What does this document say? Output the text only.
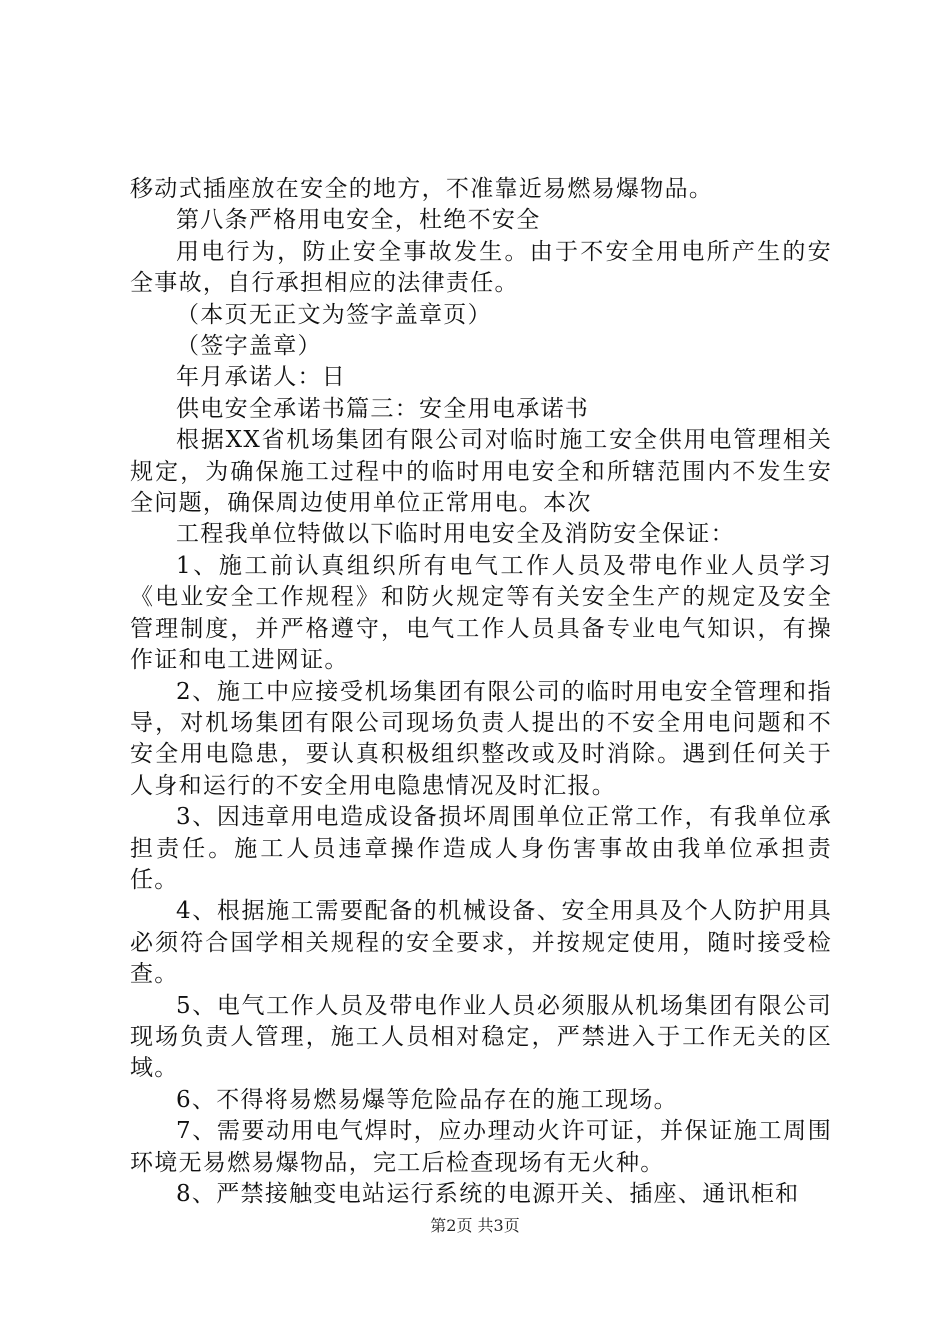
移动式插座放在安全的地方，不准靠近易燃易爆物品。

第八条严格用电安全，杜绝不安全

用电行为，防止安全事故发生。由于不安全用电所产生的安全事故，自行承担相应的法律责任。

（本页无正文为签字盖章页）

（签字盖章）

年月承诺人：日

供电安全承诺书篇三：安全用电承诺书

根据XX省机场集团有限公司对临时施工安全供用电管理相关规定，为确保施工过程中的临时用电安全和所辖范围内不发生安全问题，确保周边使用单位正常用电。本次

工程我单位特做以下临时用电安全及消防安全保证：

1、施工前认真组织所有电气工作人员及带电作业人员学习《电业安全工作规程》和防火规定等有关安全生产的规定及安全管理制度，并严格遵守，电气工作人员具备专业电气知识，有操作证和电工进网证。

2、施工中应接受机场集团有限公司的临时用电安全管理和指导，对机场集团有限公司现场负责人提出的不安全用电问题和不安全用电隐患，要认真积极组织整改或及时消除。遇到任何关于人身和运行的不安全用电隐患情况及时汇报。

3、因违章用电造成设备损坏周围单位正常工作，有我单位承担责任。施工人员违章操作造成人身伤害事故由我单位承担责任。

4、根据施工需要配备的机械设备、安全用具及个人防护用具必须符合国学相关规程的安全要求，并按规定使用，随时接受检查。

5、电气工作人员及带电作业人员必须服从机场集团有限公司现场负责人管理，施工人员相对稳定，严禁进入于工作无关的区域。

6、不得将易燃易爆等危险品存在的施工现场。

7、需要动用电气焊时，应办理动火许可证，并保证施工周围环境无易燃易爆物品，完工后检查现场有无火种。

8、严禁接触变电站运行系统的电源开关、插座、通讯柜和

第2页 共3页
